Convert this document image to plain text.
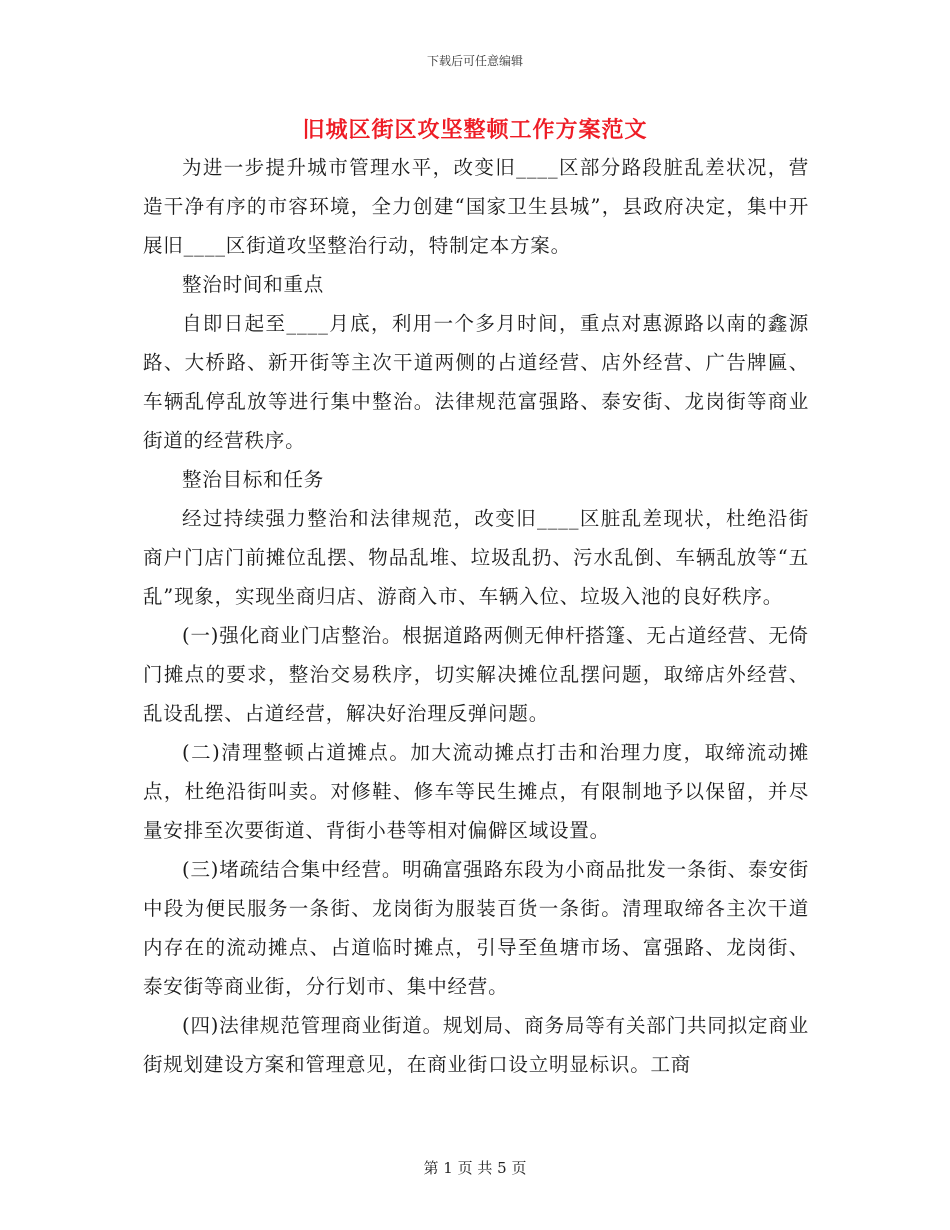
下载后可任意编辑
旧城区街区攻坚整顿工作方案范文

为进一步提升城市管理水平，改变旧____区部分路段脏乱差状况，营造干净有序的市容环境，全力创建“国家卫生县城”，县政府决定，集中开展旧____区街道攻坚整治行动，特制定本方案。

整治时间和重点

自即日起至____月底，利用一个多月时间，重点对惠源路以南的鑫源路、大桥路、新开街等主次干道两侧的占道经营、店外经营、广告牌匾、车辆乱停乱放等进行集中整治。法律规范富强路、泰安街、龙岗街等商业街道的经营秩序。

整治目标和任务

经过持续强力整治和法律规范，改变旧____区脏乱差现状，杜绝沿街商户门店门前摊位乱摆、物品乱堆、垃圾乱扔、污水乱倒、车辆乱放等“五乱”现象，实现坐商归店、游商入市、车辆入位、垃圾入池的良好秩序。

(一)强化商业门店整治。根据道路两侧无伸杆搭篷、无占道经营、无倚门摊点的要求，整治交易秩序，切实解决摊位乱摆问题，取缔店外经营、乱设乱摆、占道经营，解决好治理反弹问题。

(二)清理整顿占道摊点。加大流动摊点打击和治理力度，取缔流动摊点，杜绝沿街叫卖。对修鞋、修车等民生摊点，有限制地予以保留，并尽量安排至次要街道、背街小巷等相对偏僻区域设置。

(三)堵疏结合集中经营。明确富强路东段为小商品批发一条街、泰安街中段为便民服务一条街、龙岗街为服装百货一条街。清理取缔各主次干道内存在的流动摊点、占道临时摊点，引导至鱼塘市场、富强路、龙岗街、泰安街等商业街，分行划市、集中经营。

(四)法律规范管理商业街道。规划局、商务局等有关部门共同拟定商业街规划建设方案和管理意见，在商业街口设立明显标识。工商

第 1 页 共 5 页
